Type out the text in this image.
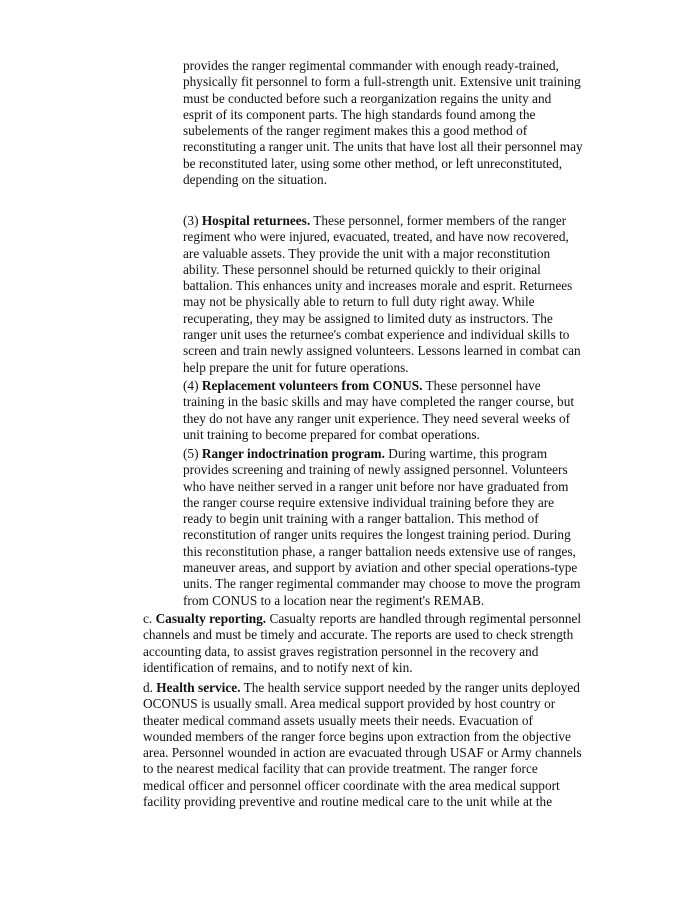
provides the ranger regimental commander with enough ready-trained,
physically fit personnel to form a full-strength unit. Extensive unit training
must be conducted before such a reorganization regains the unity and
esprit of its component parts. The high standards found among the
subelements of the ranger regiment makes this a good method of
reconstituting a ranger unit. The units that have lost all their personnel may
be reconstituted later, using some other method, or left unreconstituted,
depending on the situation.
(3) Hospital returnees. These personnel, former members of the ranger
regiment who were injured, evacuated, treated, and have now recovered,
are valuable assets. They provide the unit with a major reconstitution
ability. These personnel should be returned quickly to their original
battalion. This enhances unity and increases morale and esprit. Returnees
may not be physically able to return to full duty right away. While
recuperating, they may be assigned to limited duty as instructors. The
ranger unit uses the returnee's combat experience and individual skills to
screen and train newly assigned volunteers. Lessons learned in combat can
help prepare the unit for future operations.
(4) Replacement volunteers from CONUS. These personnel have
training in the basic skills and may have completed the ranger course, but
they do not have any ranger unit experience. They need several weeks of
unit training to become prepared for combat operations.
(5) Ranger indoctrination program. During wartime, this program
provides screening and training of newly assigned personnel. Volunteers
who have neither served in a ranger unit before nor have graduated from
the ranger course require extensive individual training before they are
ready to begin unit training with a ranger battalion. This method of
reconstitution of ranger units requires the longest training period. During
this reconstitution phase, a ranger battalion needs extensive use of ranges,
maneuver areas, and support by aviation and other special operations-type
units. The ranger regimental commander may choose to move the program
from CONUS to a location near the regiment's REMAB.
c. Casualty reporting. Casualty reports are handled through regimental personnel
channels and must be timely and accurate. The reports are used to check strength
accounting data, to assist graves registration personnel in the recovery and
identification of remains, and to notify next of kin.
d. Health service. The health service support needed by the ranger units deployed
OCONUS is usually small. Area medical support provided by host country or
theater medical command assets usually meets their needs. Evacuation of
wounded members of the ranger force begins upon extraction from the objective
area. Personnel wounded in action are evacuated through USAF or Army channels
to the nearest medical facility that can provide treatment. The ranger force
medical officer and personnel officer coordinate with the area medical support
facility providing preventive and routine medical care to the unit while at the
